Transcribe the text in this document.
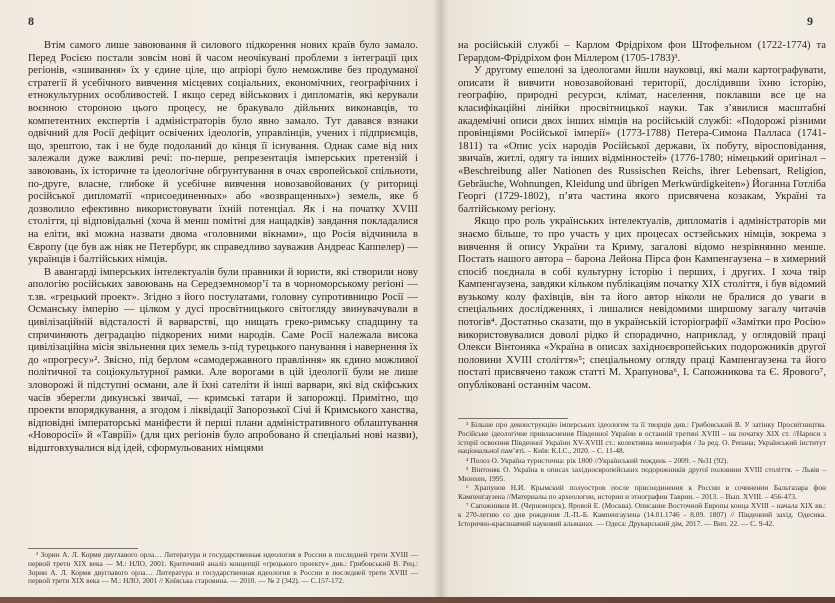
8

Втім самого лише завоювання й силового підкорення нових країв було замало. Перед Росією постали зовсім нові й часом неочікувані проблеми з інтеграції цих регіонів, «зшивання» їх у єдине ціле, що апріорі було неможливе без продуманої стратегії й усебічного вивчення місцевих соціальних, економічних, географічних і етнокультурних особливостей. І якщо серед військових і дипломатів, які керували воєнною стороною цього процесу, не бракувало дійльних виконавців, то компетентних експертів і адміністраторів було явно замало. Тут давався взнаки одвічний для Росії дефіцит освічених ідеологів, управлінців, учених і підприємців, що, зрештою, так і не буде подоланий до кінця її існування. Однак саме від них залежали дуже важливі речі: по-перше, репрезентація імперських претензій і завоювань, їх історичне та ідеологічне обгрунтування в очах європейської спільноти, по-друге, власне, глибоке й усебічне вивчення новозавойованих (у риториці російської дипломатії «присоединенных» або «возвращенных») земель, яке б дозволило ефективно використовувати їхній потенціал. Як і на початку XVIII століття, ці відповідальні (хоча й менш помітні для нащадків) завдання покладалися на еліти, які можна назвати двома «головними вікнами», що Росія відчинила в Європу (це був аж ніяк не Петербург, як справедливо зауважив Андреас Каппелер) — українців і балтійських німців.

В авангарді імперських інтелектуалів були правники й юристи, які створили нову апологію російських завоювань на Середземномор’ї та в чорноморському регіоні — т.зв. «грецький проект». Згідно з його постулатами, головну супротивницю Росії — Османську імперію — цілком у дусі просвітницького світогляду звинувачували в цивілізаційній відсталості й варварстві, що нищать греко-римську спадщину та спричиняють деградацію підкорених ними народів. Саме Росії належала висока цивілізаційна місія звільнення цих земель з-під турецького панування і навернення їх до «прогресу»². Звісно, під берлом «самодержавного правління» як єдино можливої політичної та соціокультурної рамки. Але ворогами в цій ідеології були не лише зловорожі й підступні османи, але й їхні сателіти й інші варвари, які від скіфських часів зберегли дикунські звичаї, — кримські татари й запорожці. Примітно, що проекти впорядкування, а згодом і ліквідації Запорозької Січі й Кримського ханства, відповідні імператорські маніфести й перші плани адміністративного облаштування «Новоросії» й «Тавріїі» (для цих регіонів було апробовано й спеціальні нові назви), відштовхувалися від ідей, сформульованих німцями

² Зорин А. Л. Кормя двуглавого орла… Литература и государственная идеология в России в последней трети XVIII — первой трети XIX века — М.: НЛО, 2001. Критичний аналіз концепції «грецького проекту» див.: Грибовський В. Рец.: Зорин А. Л. Кормя двуглавого орла… Литература и государственная идеология в России в последней трети XVIII — первой трети XIX века — М.: НЛО, 2001 // Київська старовина. — 2010. — № 2 (342). — С.157-172.

9

на російській службі – Карлом Фрідріхом фон Штофельном (1722-1774) та Герардом-Фрідріхом фон Міллером (1705-1783)³.

У другому ешелоні за ідеологами йшли науковці, які мали картографувати, описати й вивчити новозавойовані території, дослідивши їхню історію, географію, природні ресурси, клімат, населення, поклавши все це на класифікаційні лінійки просвітницької науки. Так з’явилися масштабні академічні описи двох інших німців на російській службі: «Подорожі різними провінціями Російської імперії» (1773-1788) Петера-Симона Палласа (1741-1811) та «Опис усіх народів Російської держави, їх побуту, віросповідання, звичаїв, житлі, одягу та інших відмінностей» (1776-1780; німецький оригінал – «Beschreibung aller Nationen des Russischen Reichs, ihrer Lebensart, Religion, Gebräuche, Wohnungen, Kleidung und übrigen Merkwürdigkeiten») Йоганна Готліба Георгі (1729-1802), п’ята частина якого присвячена козакам, Україні та балтійському регіону.

Якщо про роль українських інтелектуалів, дипломатів і адміністраторів ми знаємо більше, то про участь у цих процесах остзейських німців, зокрема з вивчення й опису України та Криму, загалові відомо незрівнянно менше. Постать нашого автора – барона Лейона Пірса фон Кампенгаузена – в химерний спосіб поєднала в собі культурну історію і перших, і других. І хоча твір Кампенгаузена, завдяки кільком публікаціям початку XIX століття, і був відомий вузькому колу фахівців, він та його автор ніколи не бралися до уваги в спеціальних дослідженнях, і лишалися невідомими ширшому загалу читачів потогів⁴. Достатньо сказати, що в українській історіографії «Замітки про Росію» використовувалися доволі рідко й спорадично, наприклад, у оглядовій праці Олекси Вінтоняка «Україна в описах західноєвропейських подорожників другої половини XVIII століття»⁵; спеціальному огляду праці Кампенгаузена та його постаті присвячено також статті М. Храпунова⁶, І. Сапожникова та Є. Ярового⁷, опубліковані останнім часом.

³ Більше про деконструкцію імперських ідеологем та її творців див.: Грибовський В. У затінку Просвітництва. Російське ідеологічне привласнення Південної України в останній третині XVIII – на початку XIX ст. //Нариси з історії освоєння Південної України XV-XVIII ст.: колективна монографія / За ред. О. Репана; Український інститут національної пам’яті. – Київ: К.І.С., 2020. – С. 11-48.

⁴ Полоз О. Україна туристична: рік 1800 //Український тиждень – 2009. – №31 (92).

⁵ Вінтоняк О. Україна в описах західноєвропейських подорожників другої половини XVIII століття. – Львів – Мюнхен, 1995.

⁶ Храпунов Н.И. Крымский полуостров после присоединения к России в сочинении Бальтазара фон Кампенгаузена //Материалы по археологии, истории и этнографии Таврии. – 2013. – Вып. XVIII. – 456-473.

⁷ Сапожников И. (Черноморск), Яровой Е. (Москва). Описание Восточной Европы конца XVIII – начала XIX вв.: к 270-летию со дня рождения Л.-П.-Б. Кампенгаузена (14.01.1746 - 8.09. 1807) // Південний захід. Одесика. Історично-краєзнавчий науковий альманах. — Одеса: Друкарський дім, 2017. — Вип. 22. — С. 9-42.
